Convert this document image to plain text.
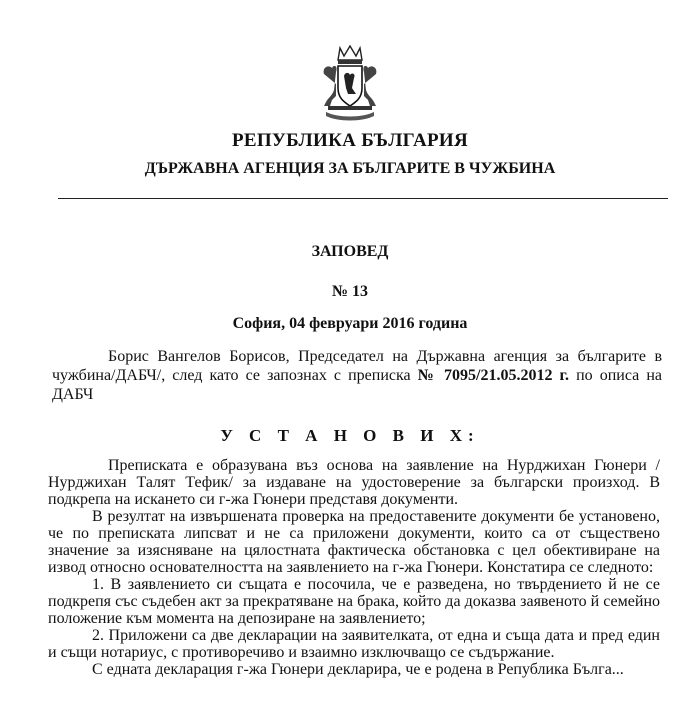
РЕПУБЛИКА БЪЛГАРИЯ
ДЪРЖАВНА АГЕНЦИЯ ЗА БЪЛГАРИТЕ В ЧУЖБИНА
ЗАПОВЕД
№ 13
София, 04 февруари 2016 година
Борис Вангелов Борисов, Председател на Държавна агенция за българите в чужбина/ДАБЧ/, след като се запознах с преписка № 7095/21.05.2012 г. по описа на ДАБЧ
У С Т А Н О В И Х:

Преписката е образувана въз основа на заявление на Нурджихан Гюнери /Нурджихан Талят Тефик/ за издаване на удостоверение за български произход. В подкрепа на искането си г-жа Гюнери представя документи.

В резултат на извършената проверка на предоставените документи бе установено, че по преписката липсват и не са приложени документи, които са от съществено значение за изясняване на цялостната фактическа обстановка с цел обективиране на извод относно основателността на заявлението на г-жа Гюнери. Констатира се следното:

1. В заявлението си същата е посочила, че е разведена, но твърдението й не се подкрепя със съдебен акт за прекратяване на брака, който да доказва заявеното й семейно положение към момента на депозиране на заявлението;

2. Приложени са две декларации на заявителката, от една и съща дата и пред един и същи нотариус, с противоречиво и взаимно изключващо се съдържание.

С едната декларация г-жа Гюнери декларира, че е родена в Република Бълга...
